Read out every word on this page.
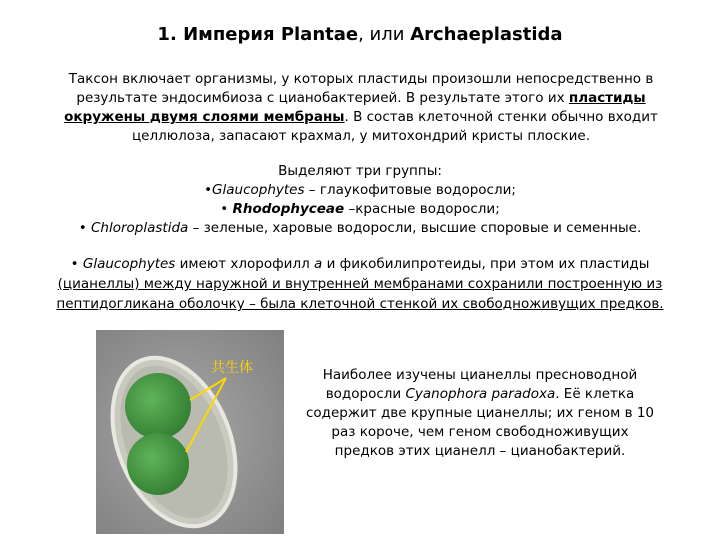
1. Империя Plantae, или Archaeplastida
Таксон включает организмы, у которых пластиды произошли непосредственно в результате эндосимбиоза с цианобактерией. В результате этого их пластиды окружены двумя слоями мембраны. В состав клеточной стенки обычно входит целлюлоза, запасают крахмал, у митохондрий кристы плоские.
Выделяют три группы:
•Glaucophytes – глаукофитовые водоросли;
• Rhodophyceae –красные водоросли;
• Chloroplastida – зеленые, харовые водоросли, высшие споровые и семенные.
• Glaucophytes имеют хлорофилл a и фикобилипротеиды, при этом их пластиды (цианеллы) между наружной и внутренней мембранами сохранили построенную из пептидогликана оболочку – была клеточной стенкой их свободноживущих предков.
共生体	Наиболее изучены цианеллы пресноводной водоросли Cyanophora paradoxa. Её клетка содержит две крупные цианеллы; их геном в 10 раз короче, чем геном свободноживущих предков этих цианелл – цианобактерий.
